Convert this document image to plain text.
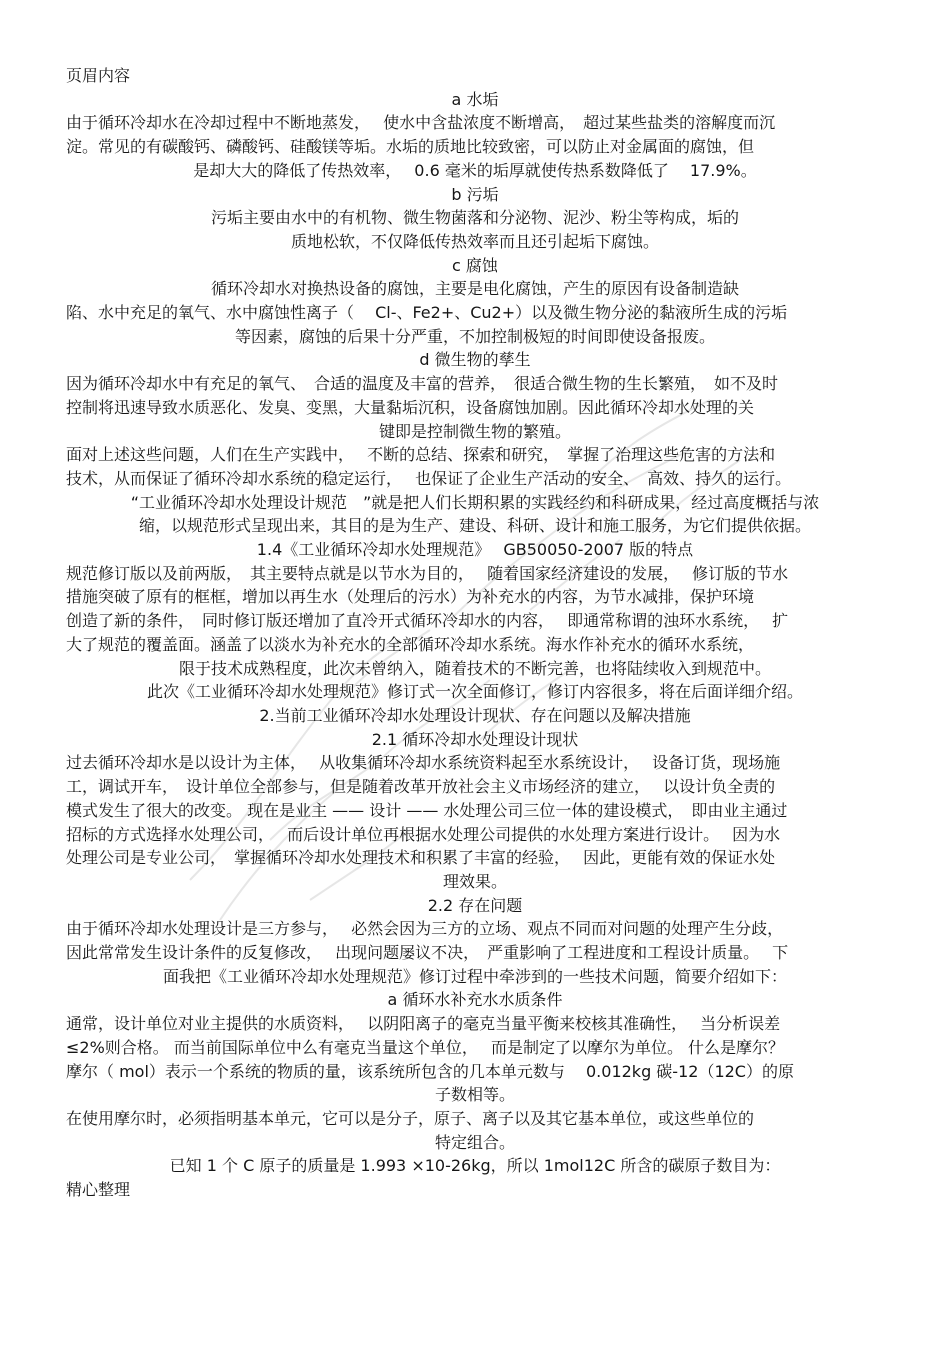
页眉内容

a 水垢

由于循环冷却水在冷却过程中不断地蒸发，　 使水中含盐浓度不断增高，　超过某些盐类的溶解度而沉

淀。常见的有碳酸钙、磷酸钙、硅酸镁等垢。水垢的质地比较致密，可以防止对金属面的腐蚀，但

是却大大的降低了传热效率，　 0.6 毫米的垢厚就使传热系数降低了　 17.9%。

b 污垢

污垢主要由水中的有机物、微生物菌落和分泌物、泥沙、粉尘等构成，垢的

质地松软，不仅降低传热效率而且还引起垢下腐蚀。

c 腐蚀

循环冷却水对换热设备的腐蚀，主要是电化腐蚀，产生的原因有设备制造缺

陷、水中充足的氧气、水中腐蚀性离子（　 Cl-、Fe2+、Cu2+）以及微生物分泌的黏液所生成的污垢

等因素，腐蚀的后果十分严重，不加控制极短的时间即使设备报废。

d 微生物的孳生

因为循环冷却水中有充足的氧气、　合适的温度及丰富的营养，　很适合微生物的生长繁殖，　如不及时

控制将迅速导致水质恶化、发臭、变黑，大量黏垢沉积，设备腐蚀加剧。因此循环冷却水处理的关

键即是控制微生物的繁殖。

面对上述这些问题，人们在生产实践中，　 不断的总结、探索和研究，　掌握了治理这些危害的方法和

技术，从而保证了循环冷却水系统的稳定运行，　 也保证了企业生产活动的安全、　高效、持久的运行。

“工业循环冷却水处理设计规范　”就是把人们长期积累的实践经约和科研成果，经过高度概括与浓

缩，以规范形式呈现出来，其目的是为生产、建设、科研、设计和施工服务，为它们提供依据。

1.4《工业循环冷却水处理规范》　 GB50050-2007 版的特点

规范修订版以及前两版，　其主要特点就是以节水为目的，　 随着国家经济建设的发展，　 修订版的节水

措施突破了原有的框框，增加以再生水（处理后的污水）为补充水的内容，为节水减排，保护环境

创造了新的条件，　同时修订版还增加了直冷开式循环冷却水的内容，　 即通常称谓的浊环水系统，　 扩

大了规范的覆盖面。涵盖了以淡水为补充水的全部循环冷却水系统。海水作补充水的循环水系统，

限于技术成熟程度，此次未曾纳入，随着技术的不断完善，也将陆续收入到规范中。

此次《工业循环冷却水处理规范》修订式一次全面修订，修订内容很多，将在后面详细介绍。

2.当前工业循环冷却水处理设计现状、存在问题以及解决措施

2.1 循环冷却水处理设计现状

过去循环冷却水是以设计为主体，　 从收集循环冷却水系统资料起至水系统设计，　 设备订货，现场施

工，调试开车，　设计单位全部参与，但是随着改革开放社会主义市场经济的建立，　 以设计负全责的

模式发生了很大的改变。 现在是业主 —— 设计 —— 水处理公司三位一体的建设模式，　即由业主通过

招标的方式选择水处理公司，　 而后设计单位再根据水处理公司提供的水处理方案进行设计。　 因为水

处理公司是专业公司，　掌握循环冷却水处理技术和积累了丰富的经验，　 因此，更能有效的保证水处

理效果。

2.2 存在问题

由于循环冷却水处理设计是三方参与，　 必然会因为三方的立场、观点不同而对问题的处理产生分歧，

因此常常发生设计条件的反复修改，　 出现问题屡议不决，　严重影响了工程进度和工程设计质量。　 下

面我把《工业循环冷却水处理规范》修订过程中牵涉到的一些技术问题，简要介绍如下：

a 循环水补充水水质条件

通常，设计单位对业主提供的水质资料，　 以阴阳离子的毫克当量平衡来校核其准确性，　 当分析误差

≤2%则合格。 而当前国际单位中么有毫克当量这个单位，　 而是制定了以摩尔为单位。 什么是摩尔？

摩尔（ mol）表示一个系统的物质的量，该系统所包含的几本单元数与　 0.012kg 碳-12（12C）的原

子数相等。

在使用摩尔时，必须指明基本单元，它可以是分子，原子、离子以及其它基本单位，或这些单位的

特定组合。

已知 1 个 C 原子的质量是 1.993 ×10-26kg，所以 1mol12C 所含的碳原子数目为：

精心整理
